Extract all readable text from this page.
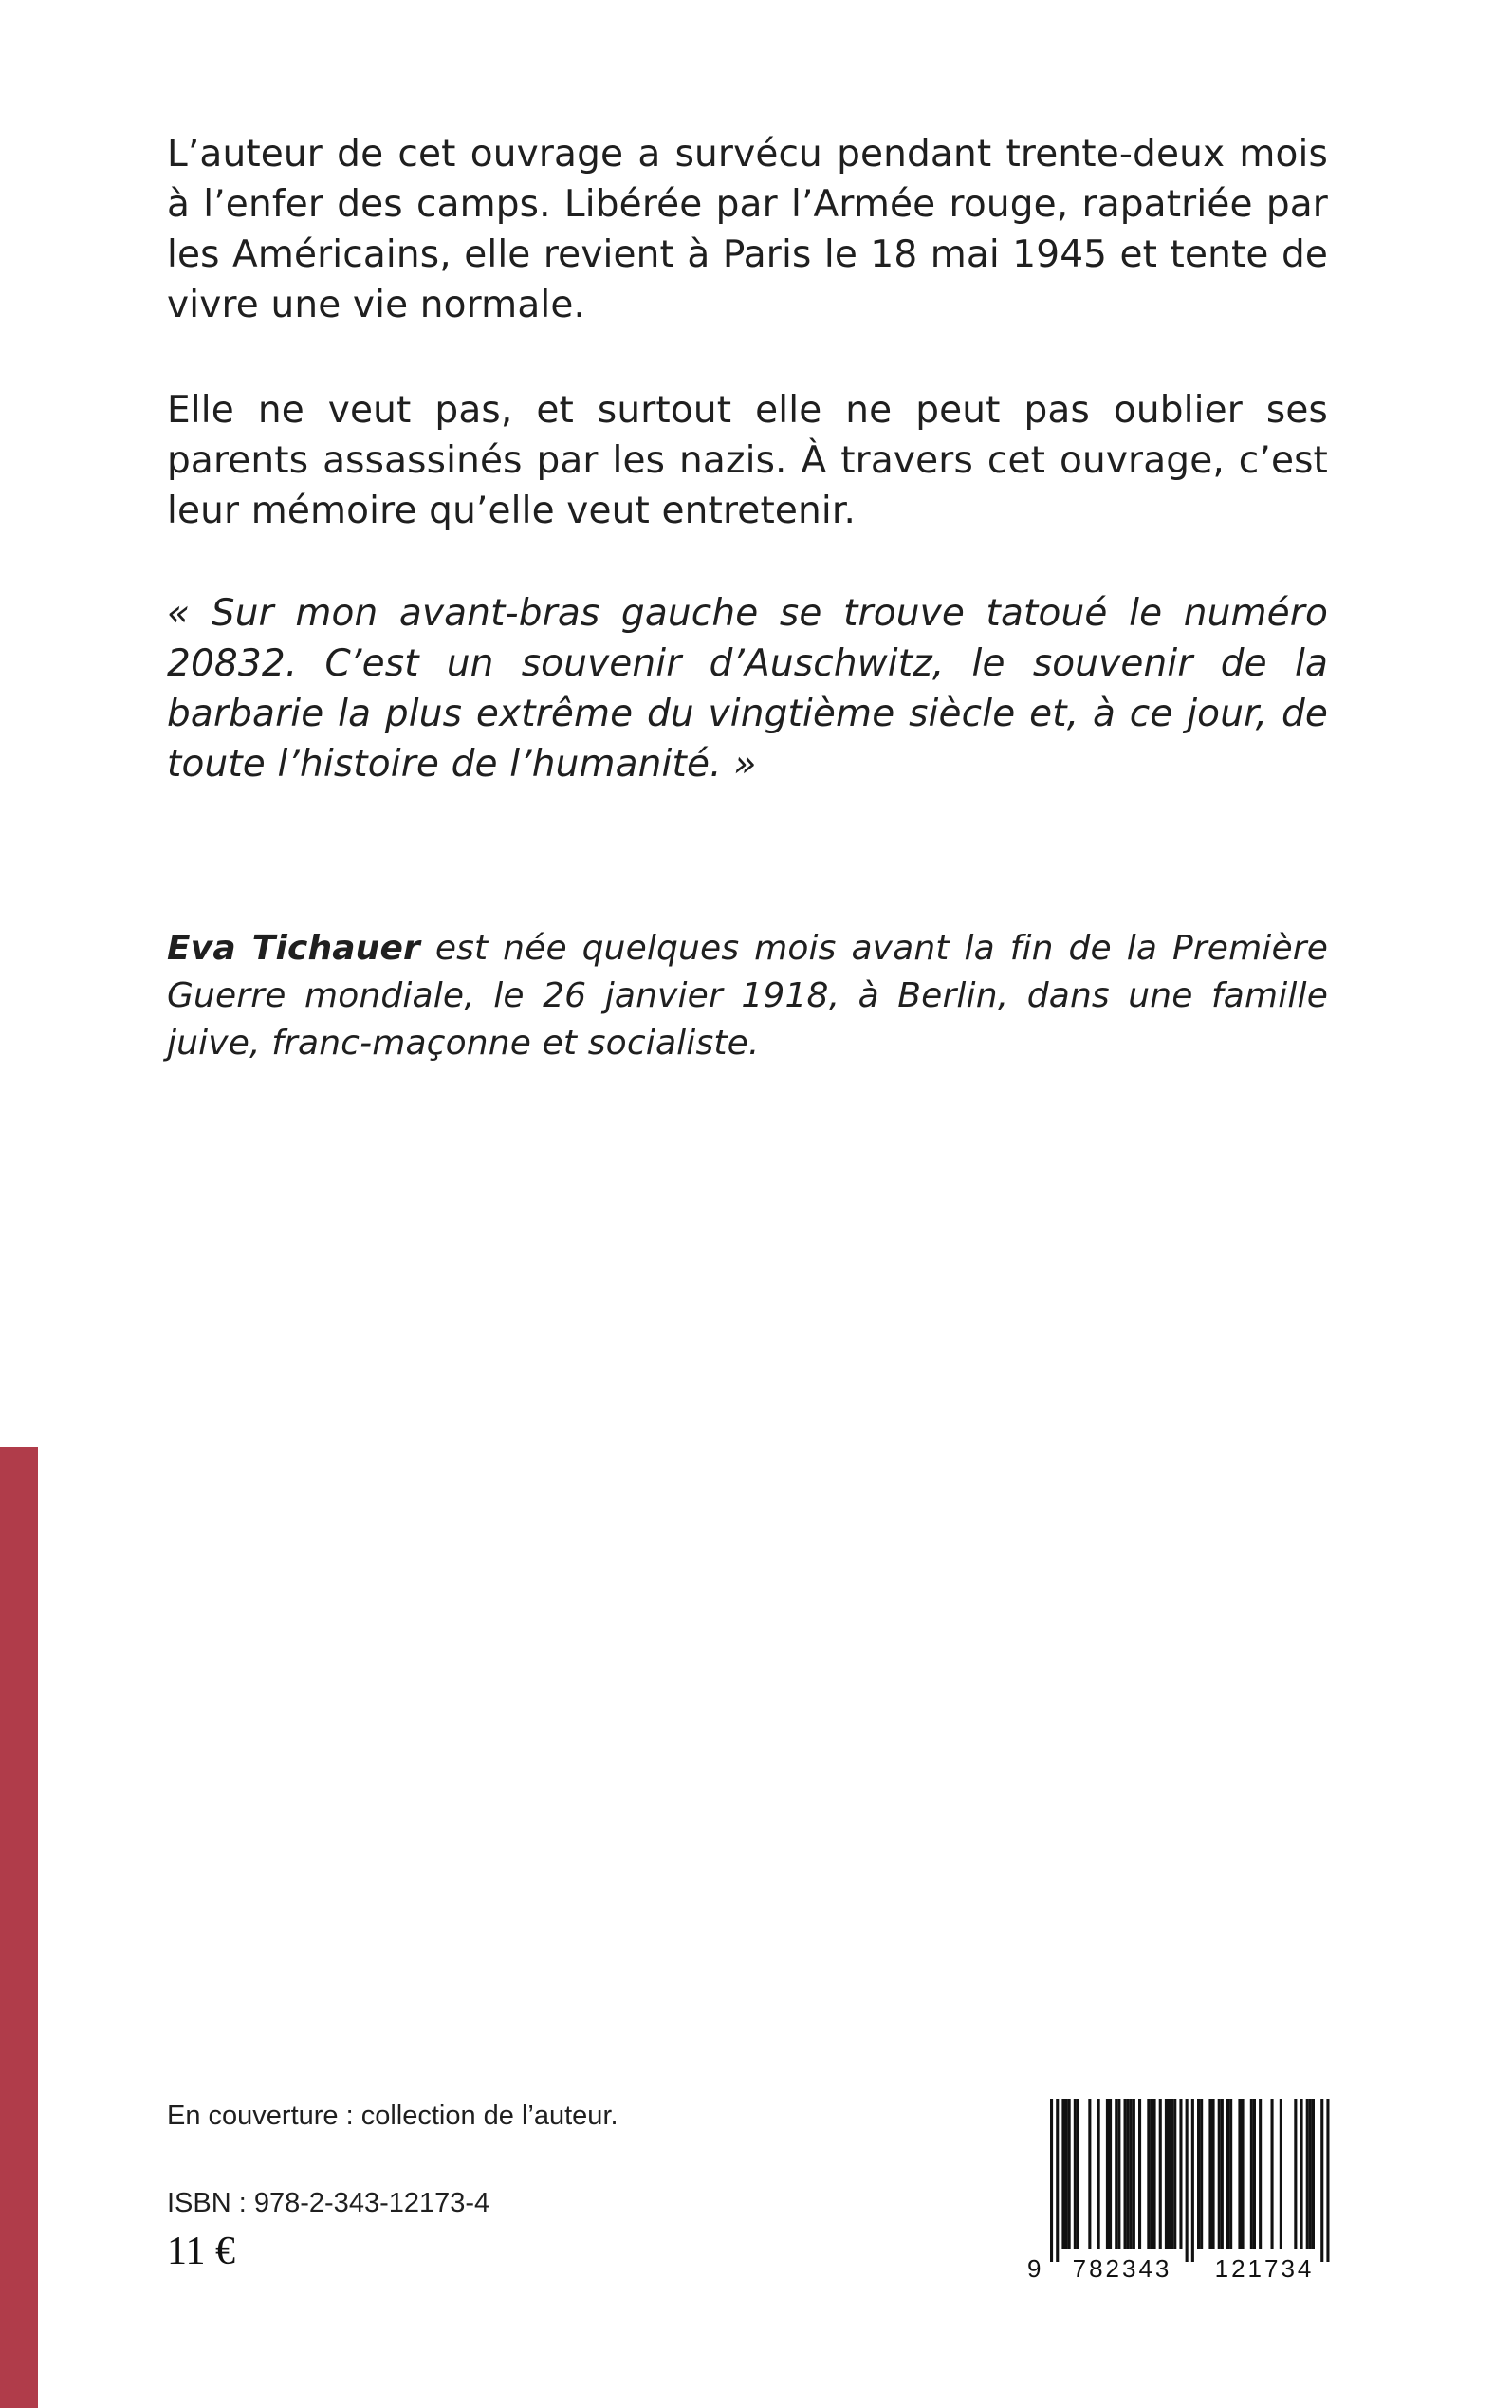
L’auteur de cet ouvrage a survécu pendant trente-deux mois à l’enfer des camps. Libérée par l’Armée rouge, rapatriée par les Américains, elle revient à Paris le 18 mai 1945 et tente de vivre une vie normale.

Elle ne veut pas, et surtout elle ne peut pas oublier ses parents assassinés par les nazis. À travers cet ouvrage, c’est leur mémoire qu’elle veut entretenir.

« Sur mon avant-bras gauche se trouve tatoué le numéro 20832. C’est un souvenir d’Auschwitz, le souvenir de la barbarie la plus extrême du vingtième siècle et, à ce jour, de toute l’histoire de l’humanité. »

Eva Tichauer est née quelques mois avant la fin de la Première Guerre mondiale, le 26 janvier 1918, à Berlin, dans une famille juive, franc-maçonne et socialiste.

En couverture : collection de l’auteur.

ISBN : 978-2-343-12173-4

11 €	9 782343 121734
